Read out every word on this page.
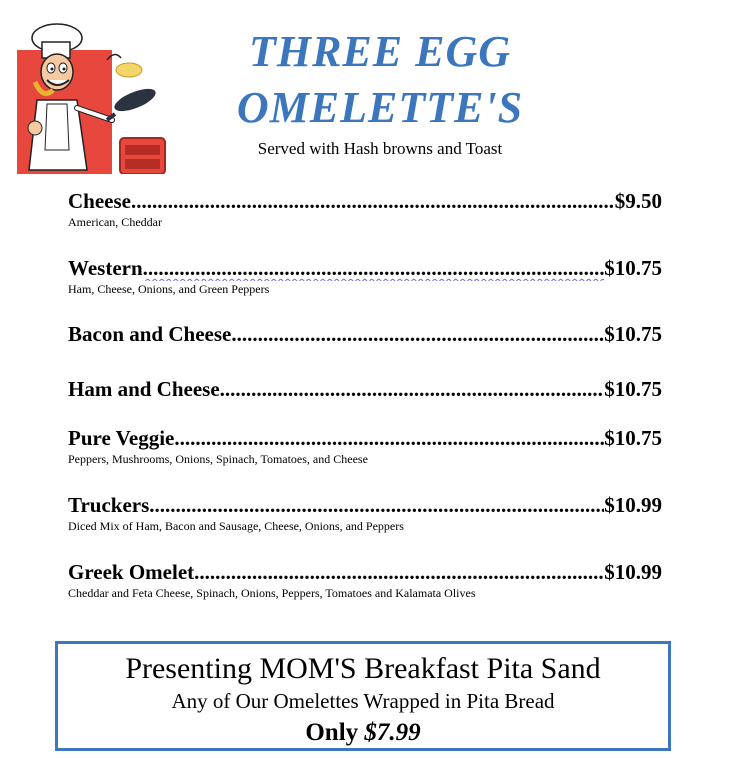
THREE EGG
OMELETTE'S
Served with Hash browns and Toast
Cheese .....	$9.50
American, Cheddar
Western .....	$10.75
Ham, Cheese, Onions, and Green Peppers
Bacon and Cheese .....	$10.75
Ham and Cheese .....	$10.75
Pure Veggie .....	$10.75
Peppers, Mushrooms, Onions, Spinach, Tomatoes, and Cheese
Truckers .....	$10.99
Diced Mix of Ham, Bacon and Sausage, Cheese, Onions, and Peppers
Greek Omelet .....	$10.99
Cheddar and Feta Cheese, Spinach, Onions, Peppers, Tomatoes and Kalamata Olives
Presenting MOM'S Breakfast Pita Sand
Any of Our Omelettes Wrapped in Pita Bread
Only $7.99
